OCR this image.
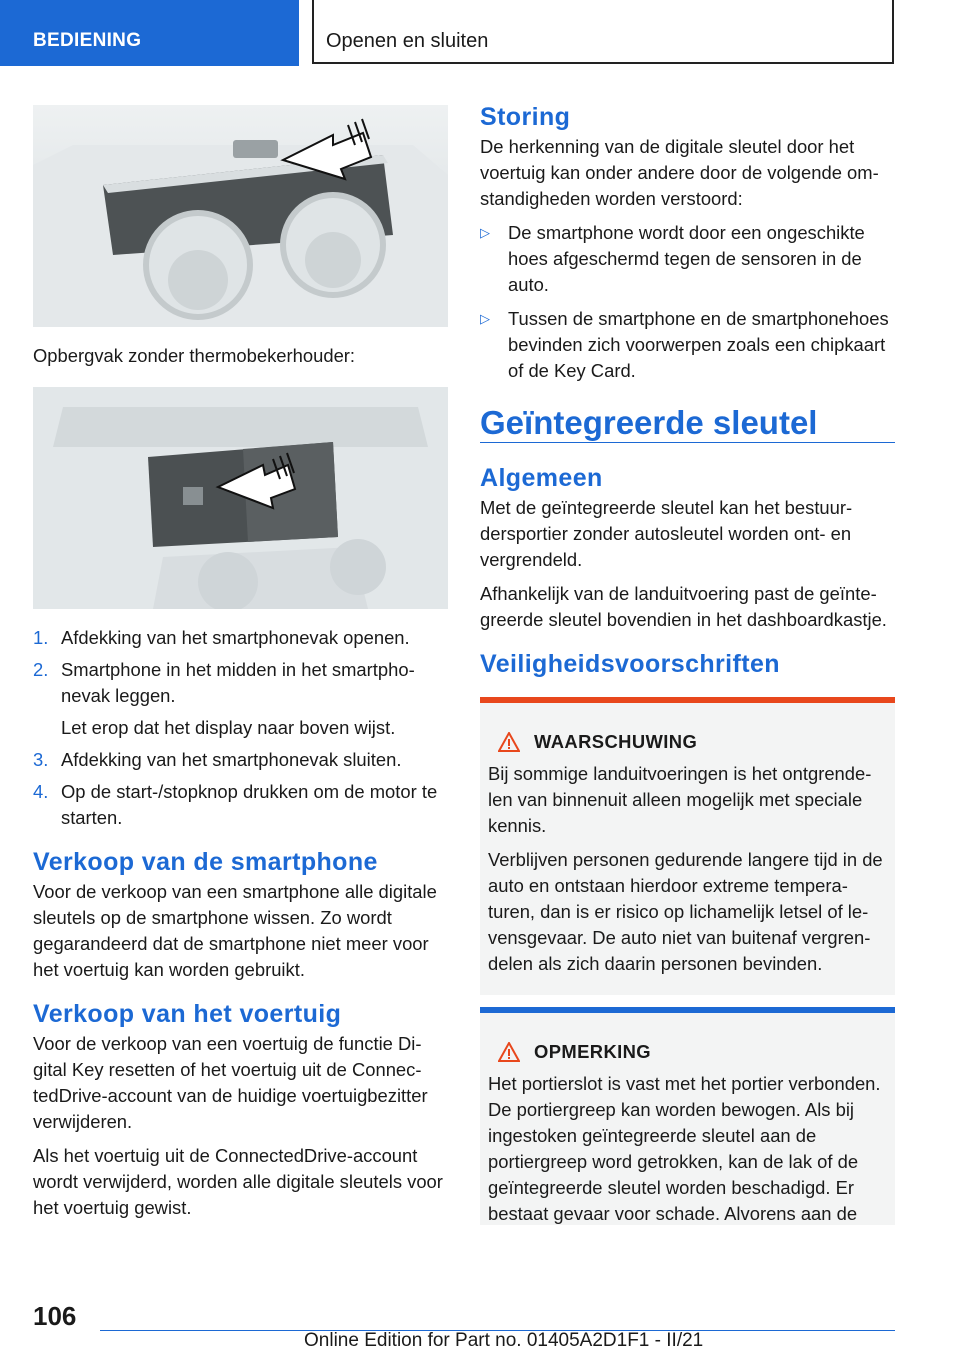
BEDIENING	Openen en sluiten

Opbergvak zonder thermobekerhouder:

1. Afdekking van het smartphonevak openen.
2. Smartphone in het midden in het smartphonevak leggen.
Let erop dat het display naar boven wijst.
3. Afdekking van het smartphonevak sluiten.
4. Op de start-/stopknop drukken om de motor te starten.
Verkoop van de smartphone

Voor de verkoop van een smartphone alle digitale sleutels op de smartphone wissen. Zo wordt gegarandeerd dat de smartphone niet meer voor het voertuig kan worden gebruikt.

Verkoop van het voertuig

Voor de verkoop van een voertuig de functie Digital Key resetten of het voertuig uit de ConnectedDrive-account van de huidige voertuigbezitter verwijderen.

Als het voertuig uit de ConnectedDrive-account wordt verwijderd, worden alle digitale sleutels voor het voertuig gewist.

Storing

De herkenning van de digitale sleutel door het voertuig kan onder andere door de volgende omstandigheden worden verstoord:

▷ De smartphone wordt door een ongeschikte hoes afgeschermd tegen de sensoren in de auto.
▷ Tussen de smartphone en de smartphonehoes bevinden zich voorwerpen zoals een chipkaart of de Key Card.
Geïntegreerde sleutel
Algemeen

Met de geïntegreerde sleutel kan het bestuurdersportier zonder autosleutel worden ont- en vergrendeld.

Afhankelijk van de landuitvoering past de geïntegreerde sleutel bovendien in het dashboardkastje.

Veiligheidsvoorschriften
WAARSCHUWING

Bij sommige landuitvoeringen is het ontgrendelen van binnenuit alleen mogelijk met speciale kennis.

Verblijven personen gedurende langere tijd in de auto en ontstaan hierdoor extreme temperaturen, dan is er risico op lichamelijk letsel of levensgevaar. De auto niet van buitenaf vergrendelen als zich daarin personen bevinden.

OPMERKING

Het portierslot is vast met het portier verbonden. De portiergreep kan worden bewogen. Als bij ingestoken geïntegreerde sleutel aan de portiergreep word getrokken, kan de lak of de geïntegreerde sleutel worden beschadigd. Er bestaat gevaar voor schade. Alvorens aan de

106
Online Edition for Part no. 01405A2D1F1 - II/21
